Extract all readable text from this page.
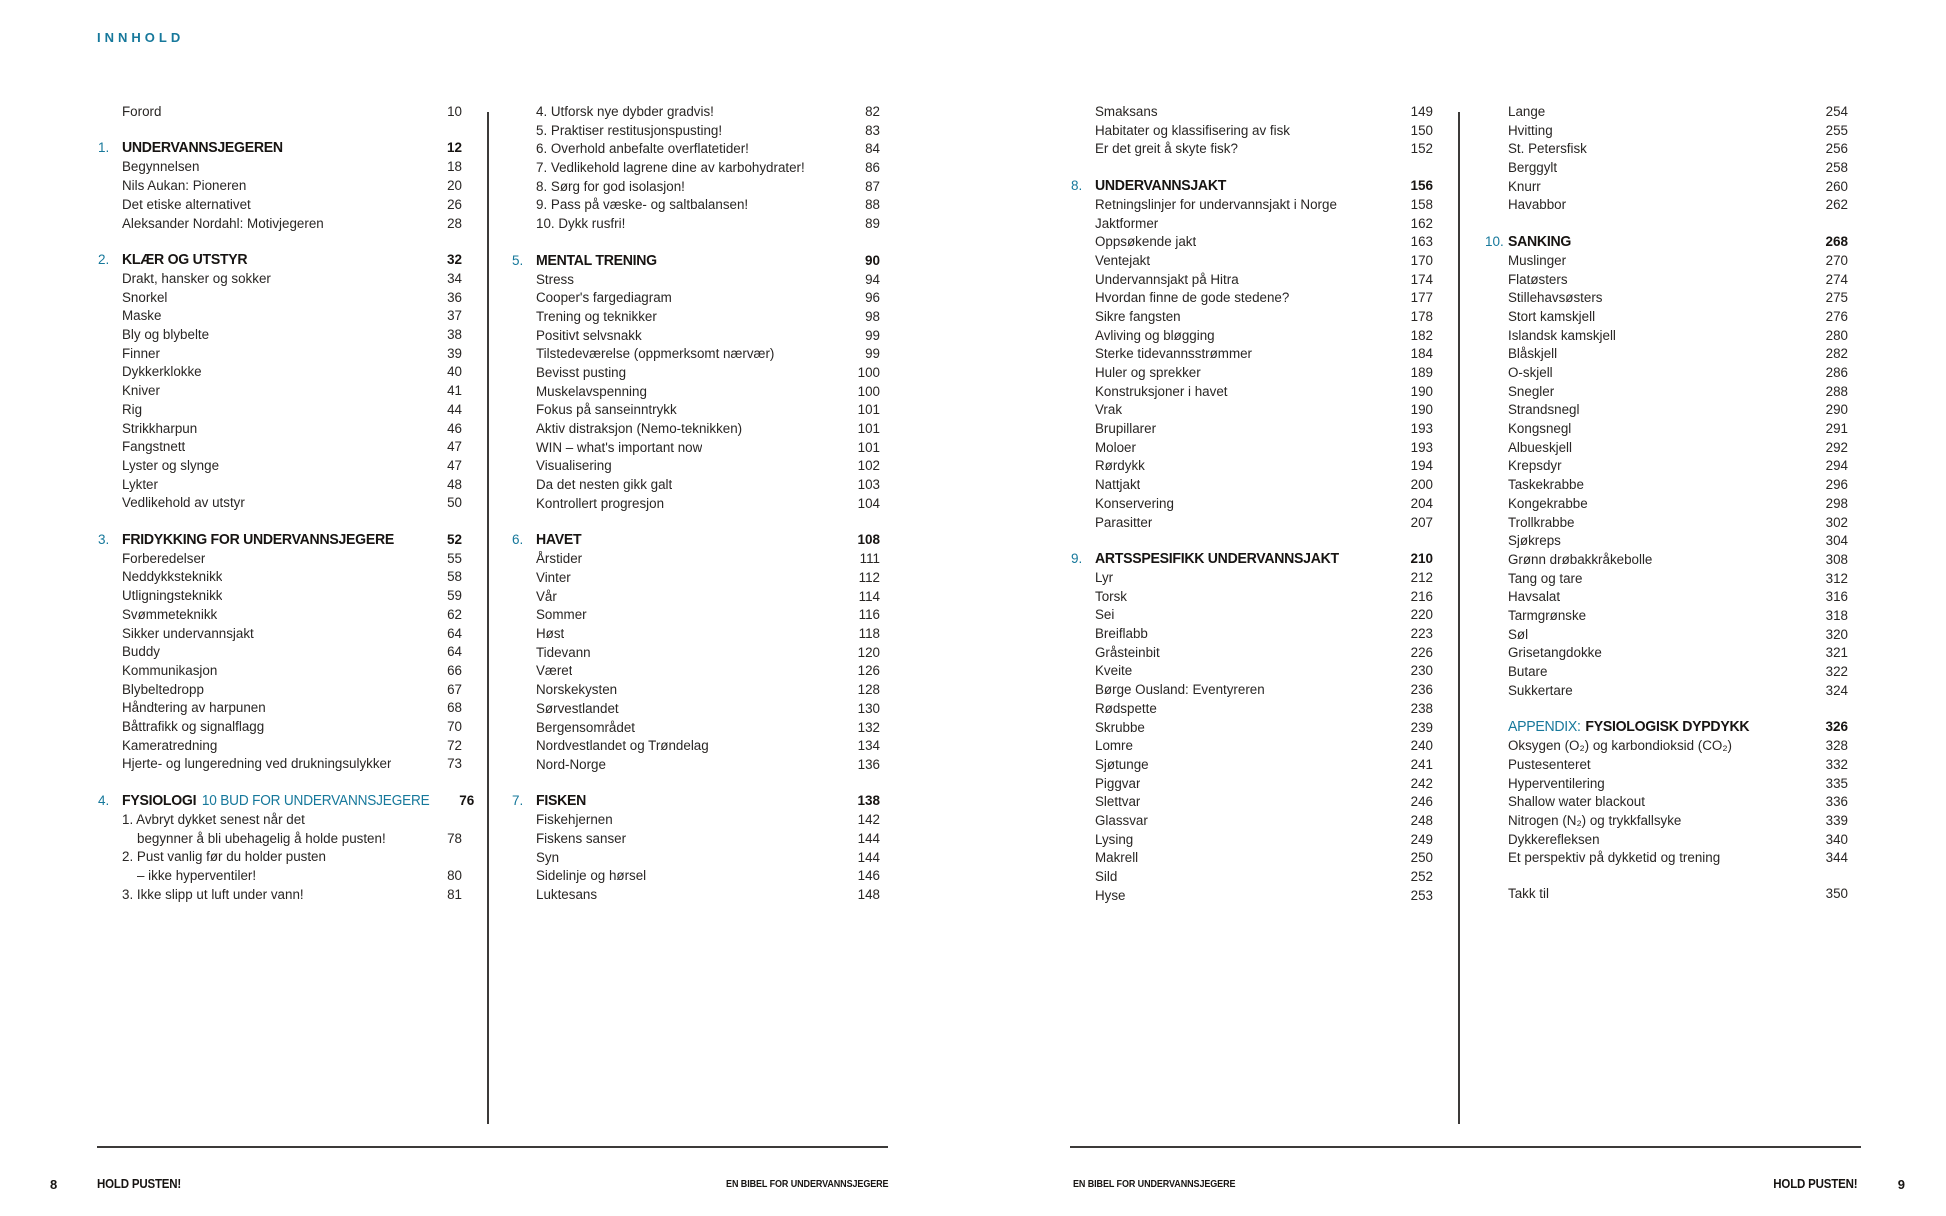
INNHOLD
Forord	10
1. UNDERVANNSJEGEREN	12
Begynnelsen	18
Nils Aukan: Pioneren	20
Det etiske alternativet	26
Aleksander Nordahl: Motivjegeren	28
2. KLÆR OG UTSTYR	32
Drakt, hansker og sokker	34
Snorkel	36
Maske	37
Bly og blybelte	38
Finner	39
Dykkerklokke	40
Kniver	41
Rig	44
Strikkharpun	46
Fangstnett	47
Lyster og slynge	47
Lykter	48
Vedlikehold av utstyr	50
3. FRIDYKKING FOR UNDERVANNSJEGERE	52
Forberedelser	55
Neddykksteknikk	58
Utligningsteknikk	59
Svømmeteknikk	62
Sikker undervannsjakt	64
Buddy	64
Kommunikasjon	66
Blybeltedropp	67
Håndtering av harpunen	68
Båttrafikk og signalflagg	70
Kameratredning	72
Hjerte- og lungeredning ved drukningsulykker	73
4. FYSIOLOGI 10 BUD FOR UNDERVANNSJEGERE	76
1. Avbryt dykket senest når det
begynner å bli ubehagelig å holde pusten!	78
2. Pust vanlig før du holder pusten
– ikke hyperventiler!	80
3. Ikke slipp ut luft under vann!	81
4. Utforsk nye dybder gradvis!	82
5. Praktiser restitusjonspusting!	83
6. Overhold anbefalte overflatetider!	84
7. Vedlikehold lagrene dine av karbohydrater!	86
8. Sørg for god isolasjon!	87
9. Pass på væske- og saltbalansen!	88
10. Dykk rusfri!	89
5. MENTAL TRENING	90
Stress	94
Cooper's fargediagram	96
Trening og teknikker	98
Positivt selvsnakk	99
Tilstedeværelse (oppmerksomt nærvær)	99
Bevisst pusting	100
Muskelavspenning	100
Fokus på sanseinntrykk	101
Aktiv distraksjon (Nemo-teknikken)	101
WIN – what's important now	101
Visualisering	102
Da det nesten gikk galt	103
Kontrollert progresjon	104
6. HAVET	108
Årstider	111
Vinter	112
Vår	114
Sommer	116
Høst	118
Tidevann	120
Været	126
Norskekysten	128
Sørvestlandet	130
Bergensområdet	132
Nordvestlandet og Trøndelag	134
Nord-Norge	136
7. FISKEN	138
Fiskehjernen	142
Fiskens sanser	144
Syn	144
Sidelinje og hørsel	146
Luktesans	148
Smaksans	149
Habitater og klassifisering av fisk	150
Er det greit å skyte fisk?	152
8. UNDERVANNSJAKT	156
Retningslinjer for undervannsjakt i Norge	158
Jaktformer	162
Oppsøkende jakt	163
Ventejakt	170
Undervannsjakt på Hitra	174
Hvordan finne de gode stedene?	177
Sikre fangsten	178
Avliving og bløgging	182
Sterke tidevannsstrømmer	184
Huler og sprekker	189
Konstruksjoner i havet	190
Vrak	190
Brupillarer	193
Moloer	193
Rørdykk	194
Nattjakt	200
Konservering	204
Parasitter	207
9. ARTSSPESIFIKK UNDERVANNSJAKT	210
Lyr	212
Torsk	216
Sei	220
Breiflabb	223
Gråsteinbit	226
Kveite	230
Børge Ousland: Eventyreren	236
Rødspette	238
Skrubbe	239
Lomre	240
Sjøtunge	241
Piggvar	242
Slettvar	246
Glassvar	248
Lysing	249
Makrell	250
Sild	252
Hyse	253
Lange	254
Hvitting	255
St. Petersfisk	256
Berggylt	258
Knurr	260
Havabbor	262
10. SANKING	268
Muslinger	270
Flatøsters	274
Stillehavsøsters	275
Stort kamskjell	276
Islandsk kamskjell	280
Blåskjell	282
O-skjell	286
Snegler	288
Strandsnegl	290
Kongsnegl	291
Albueskjell	292
Krepsdyr	294
Taskekrabbe	296
Kongekrabbe	298
Trollkrabbe	302
Sjøkreps	304
Grønn drøbakkråkebolle	308
Tang og tare	312
Havsalat	316
Tarmgrønske	318
Søl	320
Grisetangdokke	321
Butare	322
Sukkertare	324
APPENDIX: FYSIOLOGISK DYPDYKK	326
Oksygen (O₂) og karbondioksid (CO₂)	328
Pustesenteret	332
Hyperventilering	335
Shallow water blackout	336
Nitrogen (N₂) og trykkfallsyke	339
Dykkerefleksen	340
Et perspektiv på dykketid og trening	344
Takk til	350
8	HOLD PUSTEN!	EN BIBEL FOR UNDERVANNSJEGERE	EN BIBEL FOR UNDERVANNSJEGERE	HOLD PUSTEN!	9
